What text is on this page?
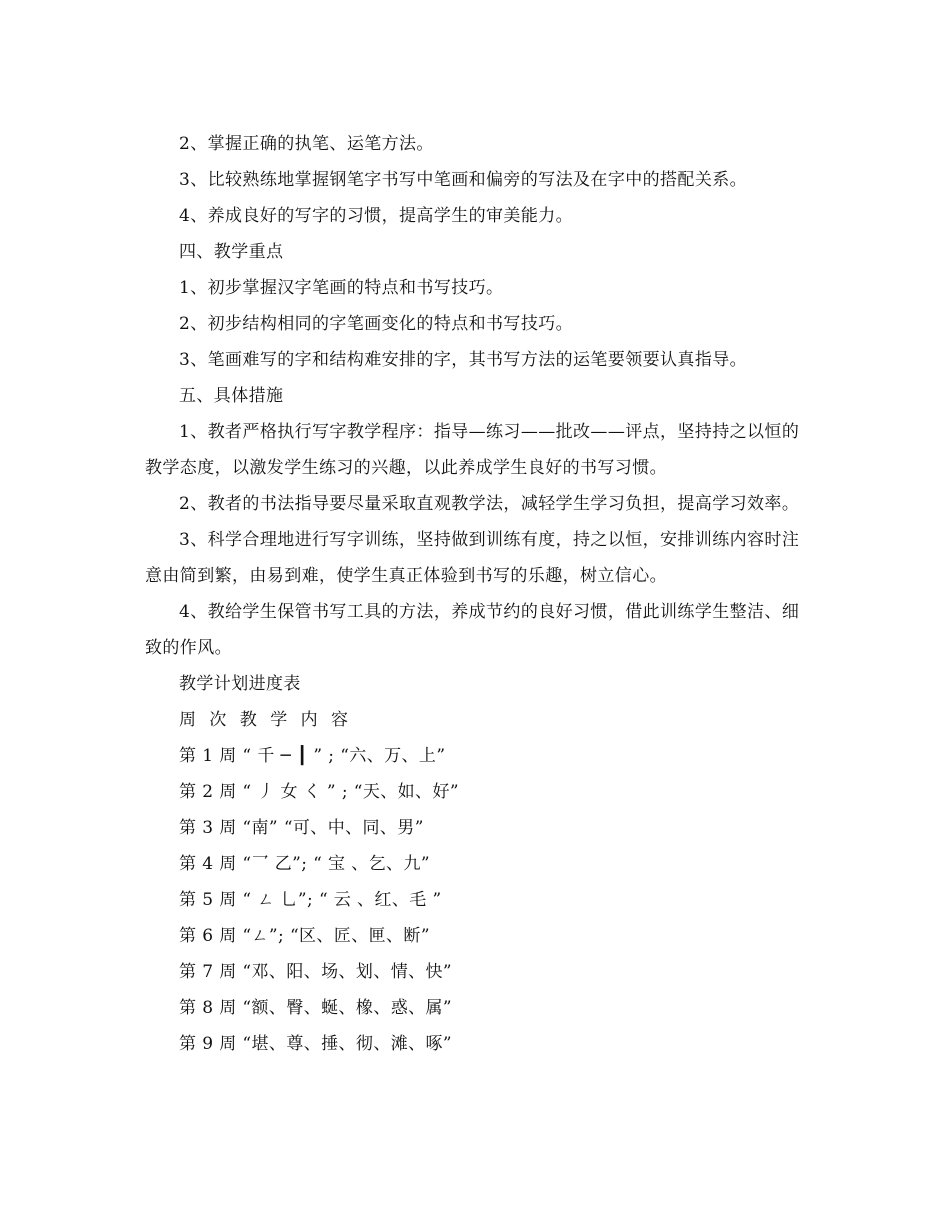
2、掌握正确的执笔、运笔方法。

3、比较熟练地掌握钢笔字书写中笔画和偏旁的写法及在字中的搭配关系。

4、养成良好的写字的习惯，提高学生的审美能力。

四、教学重点

1、初步掌握汉字笔画的特点和书写技巧。

2、初步结构相同的字笔画变化的特点和书写技巧。

3、笔画难写的字和结构难安排的字，其书写方法的运笔要领要认真指导。

五、具体措施

1、教者严格执行写字教学程序：指导—练习——批改——评点，坚持持之以恒的教学态度，以激发学生练习的兴趣，以此养成学生良好的书写习惯。

2、教者的书法指导要尽量采取直观教学法，减轻学生学习负担，提高学习效率。

3、科学合理地进行写字训练，坚持做到训练有度，持之以恒，安排训练内容时注意由简到繁，由易到难，使学生真正体验到书写的乐趣，树立信心。

4、教给学生保管书写工具的方法，养成节约的良好习惯，借此训练学生整洁、细致的作风。

教学计划进度表

周 次 教 学 内 容

第 1 周 “ 千 ─ ┃ ” ; “六、万、上”

第 2 周 “ 丿 女 く ” ; “天、如、好”

第 3 周 “南” “可、中、同、男”

第 4 周 “乛 乙”; “ 宝 、乞、九”

第 5 周 “ ㄥ 乚”; “ 云 、红、毛 ”

第 6 周 “ㄥ”; “区、匠、匣、断”

第 7 周 “邓、阳、场、划、情、快”

第 8 周 “额、臀、蜒、橡、惑、属”

第 9 周 “堪、尊、捶、彻、滩、啄”
